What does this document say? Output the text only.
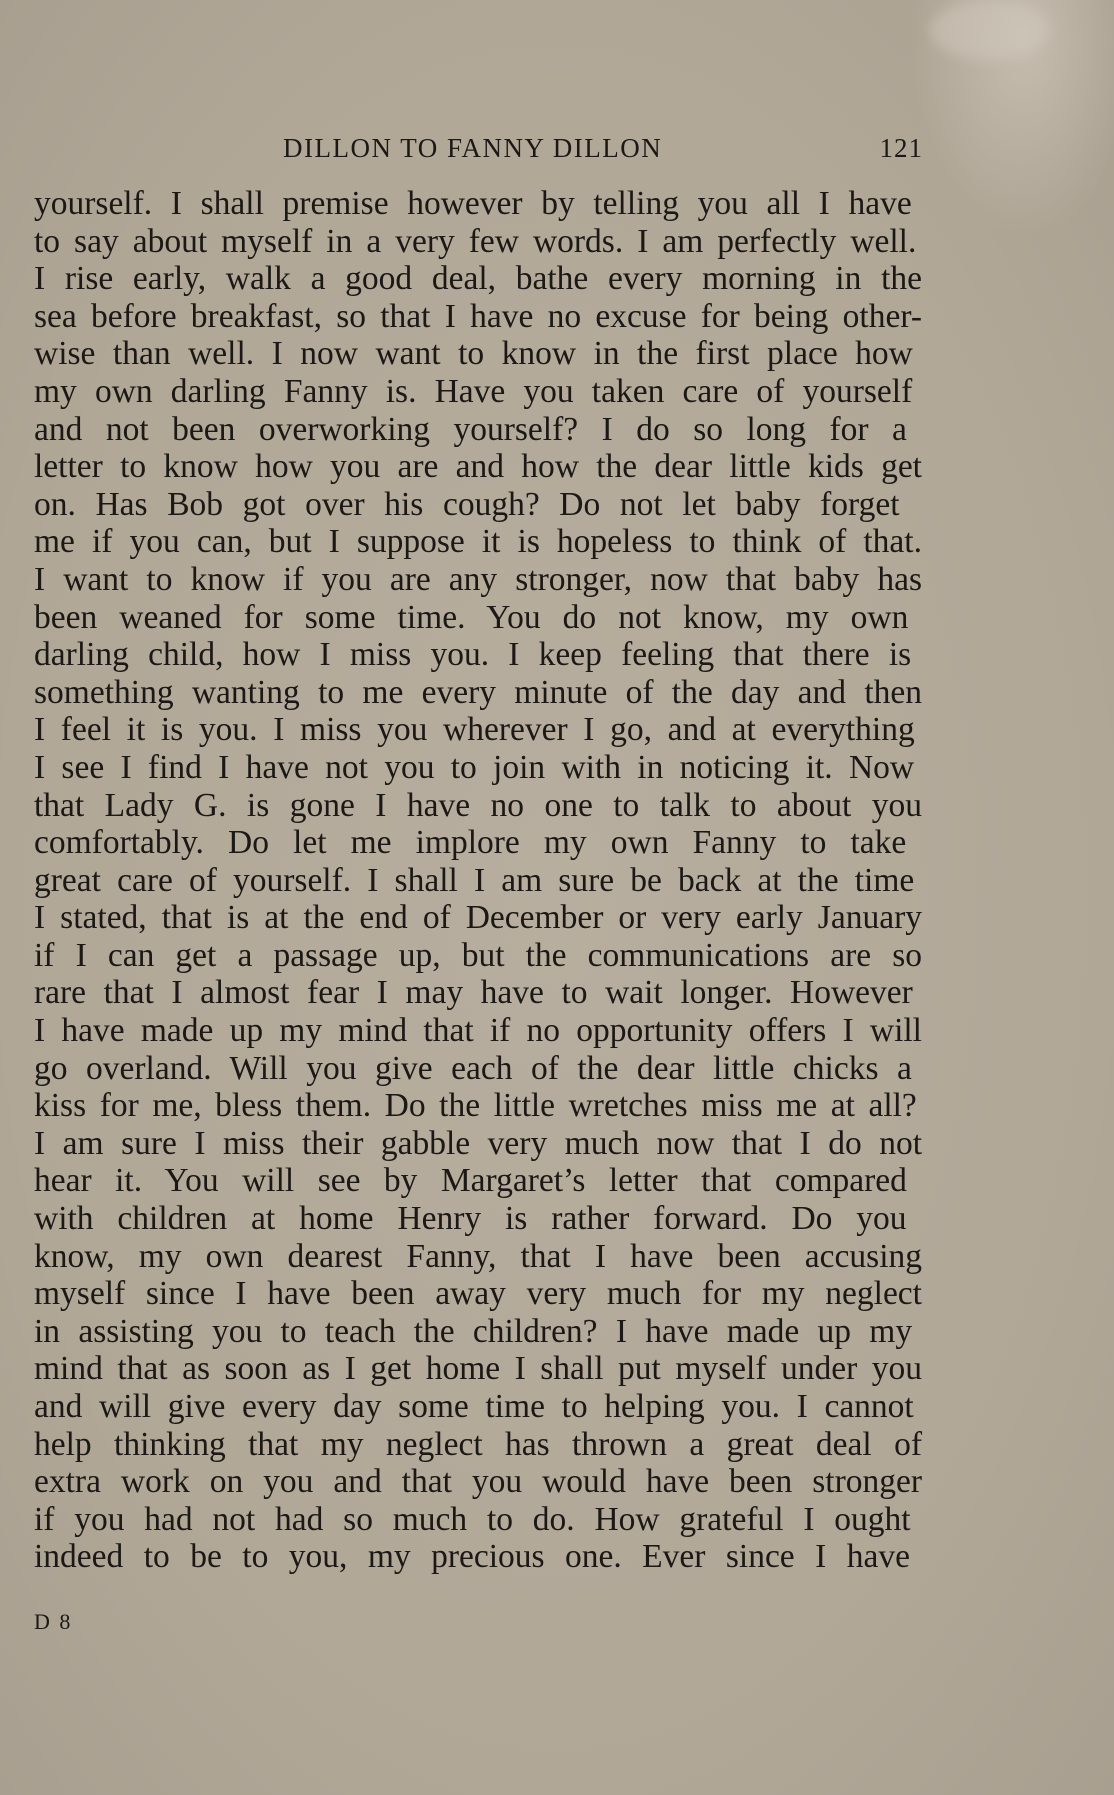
DILLON TO FANNY DILLON	121
yourself. I shall premise however by telling you all I have
to say about myself in a very few words. I am perfectly well.
I rise early, walk a good deal, bathe every morning in the
sea before breakfast, so that I have no excuse for being other-
wise than well. I now want to know in the first place how
my own darling Fanny is. Have you taken care of yourself
and not been overworking yourself? I do so long for a
letter to know how you are and how the dear little kids get
on. Has Bob got over his cough? Do not let baby forget
me if you can, but I suppose it is hopeless to think of that.
I want to know if you are any stronger, now that baby has
been weaned for some time. You do not know, my own
darling child, how I miss you. I keep feeling that there is
something wanting to me every minute of the day and then
I feel it is you. I miss you wherever I go, and at everything
I see I find I have not you to join with in noticing it. Now
that Lady G. is gone I have no one to talk to about you
comfortably. Do let me implore my own Fanny to take
great care of yourself. I shall I am sure be back at the time
I stated, that is at the end of December or very early January
if I can get a passage up, but the communications are so
rare that I almost fear I may have to wait longer. However
I have made up my mind that if no opportunity offers I will
go overland. Will you give each of the dear little chicks a
kiss for me, bless them. Do the little wretches miss me at all?
I am sure I miss their gabble very much now that I do not
hear it. You will see by Margaret’s letter that compared
with children at home Henry is rather forward. Do you
know, my own dearest Fanny, that I have been accusing
myself since I have been away very much for my neglect
in assisting you to teach the children? I have made up my
mind that as soon as I get home I shall put myself under you
and will give every day some time to helping you. I cannot
help thinking that my neglect has thrown a great deal of
extra work on you and that you would have been stronger
if you had not had so much to do. How grateful I ought
indeed to be to you, my precious one. Ever since I have
D 8
